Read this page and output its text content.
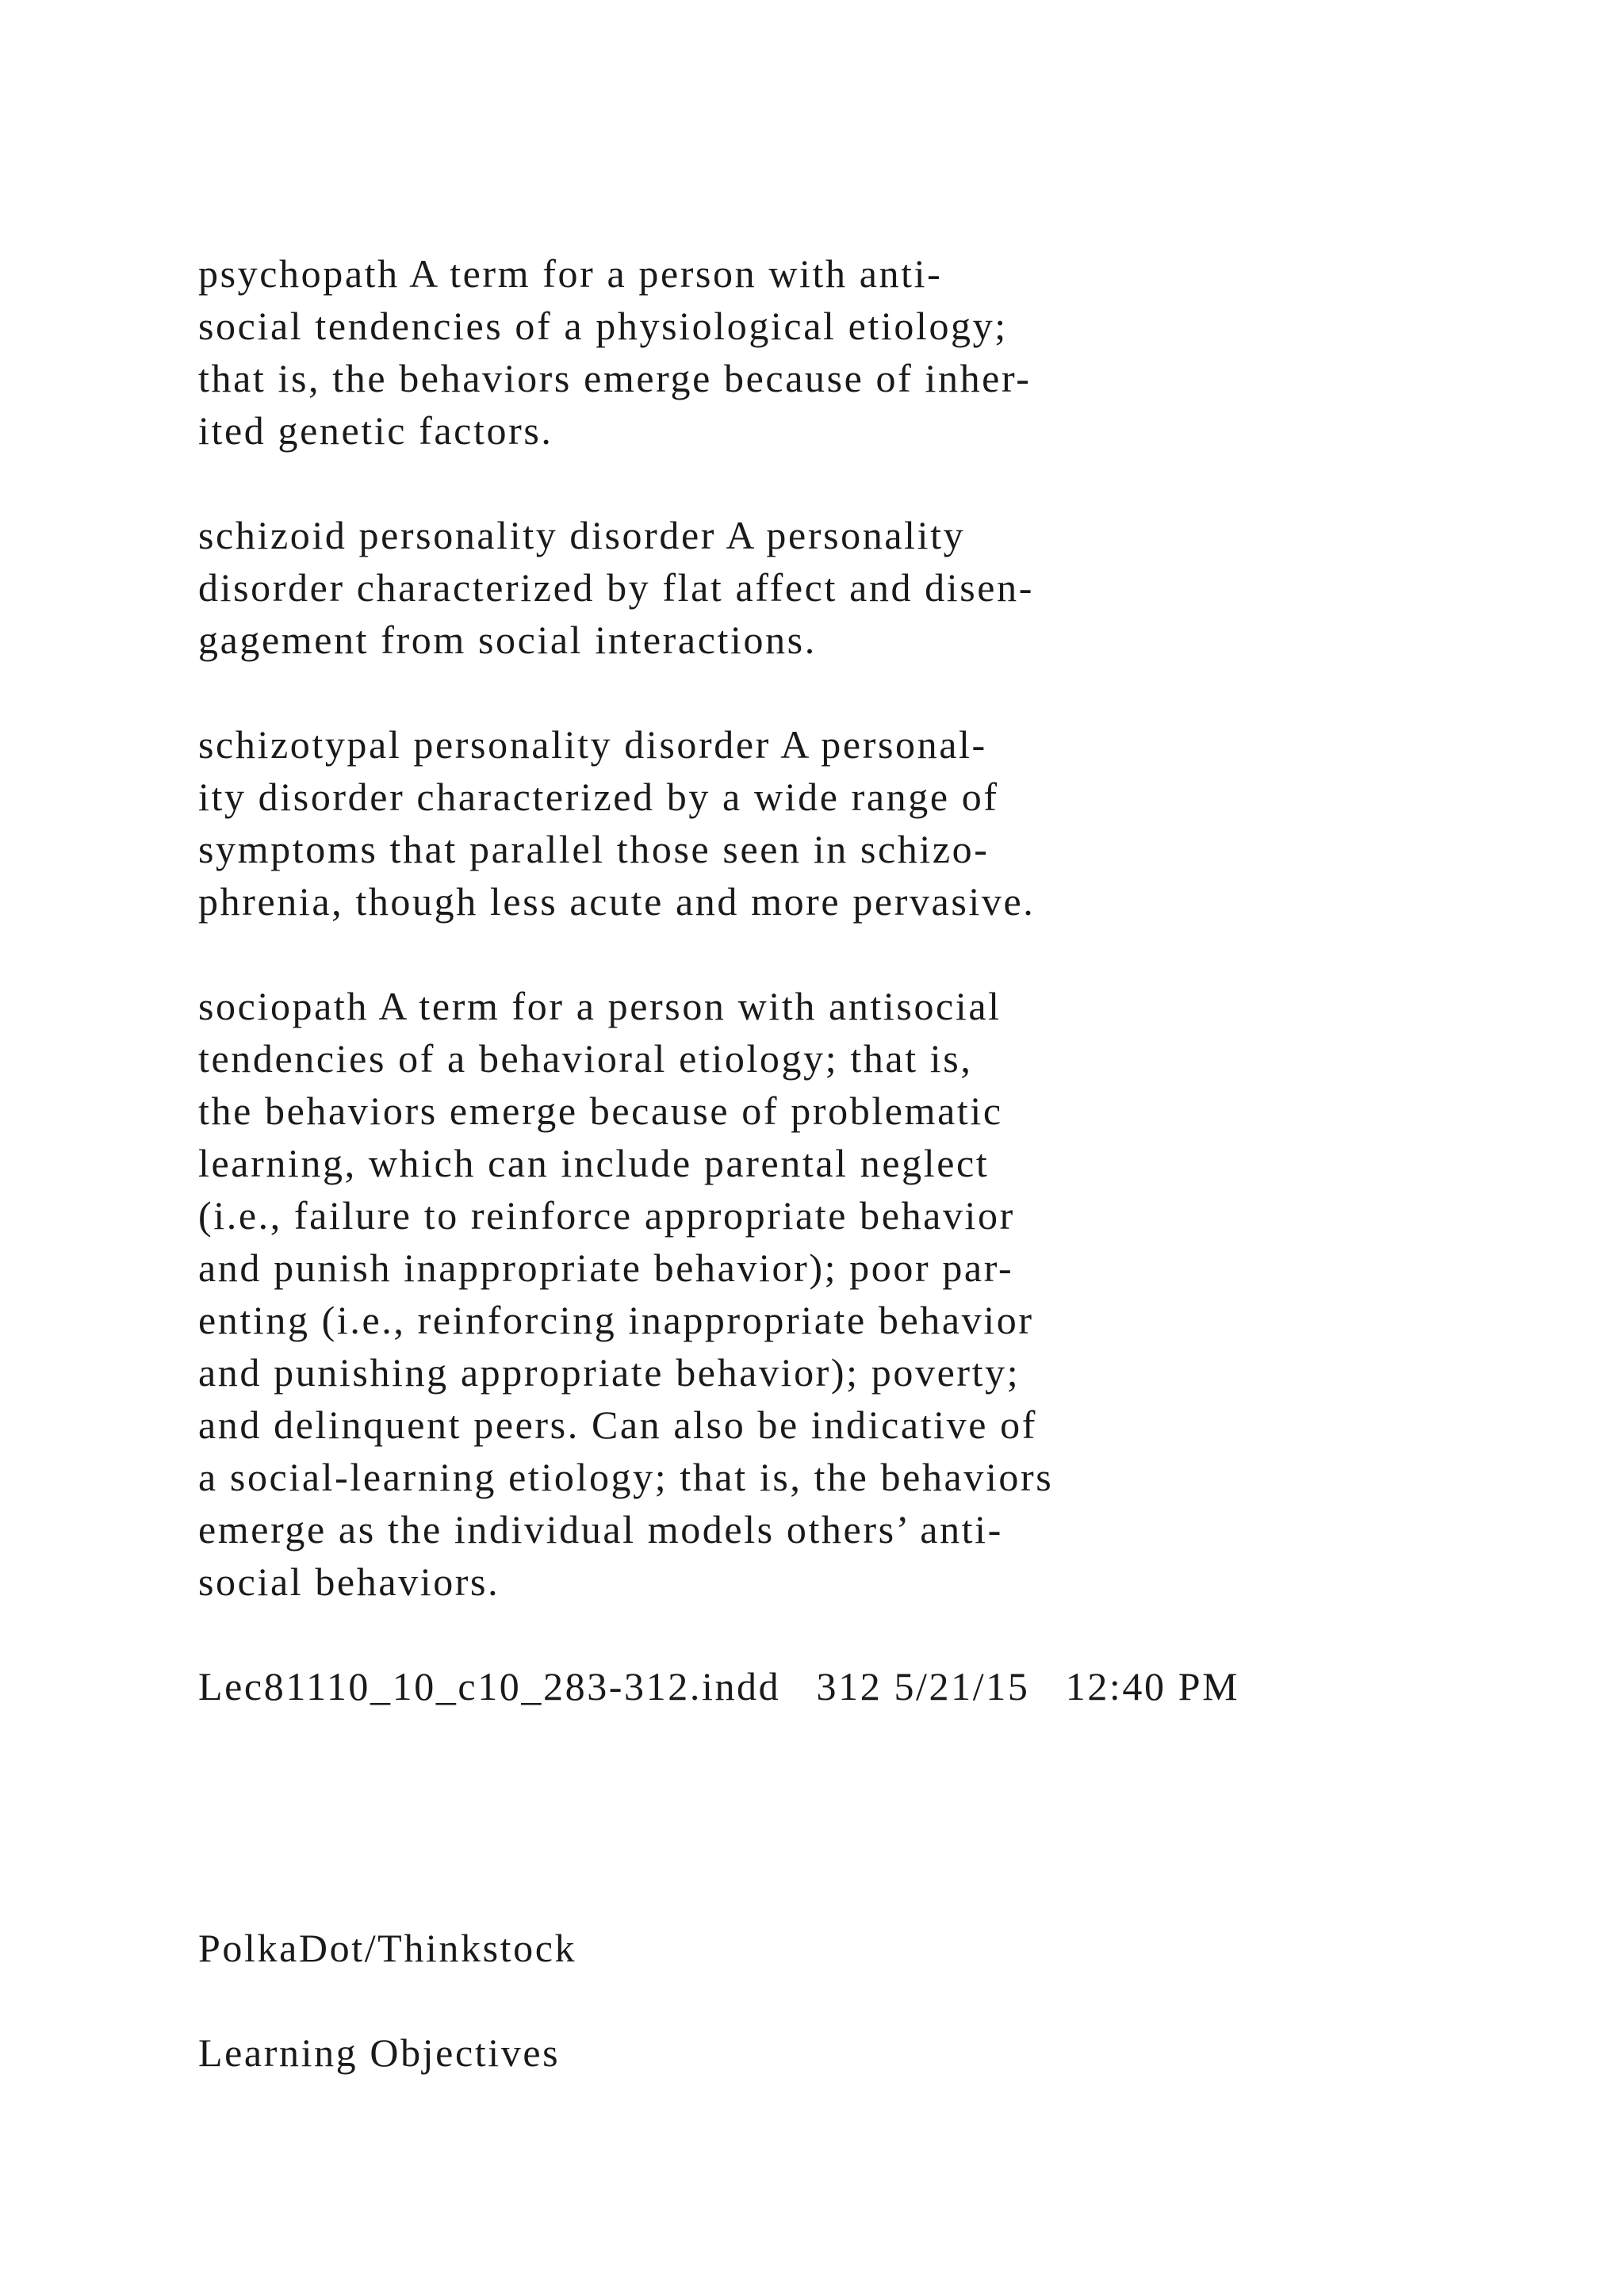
psychopath A term for a person with anti-
social tendencies of a physiological etiology;
that is, the behaviors emerge because of inher-
ited genetic factors.
schizoid personality disorder A personality
disorder characterized by flat affect and disen-
gagement from social interactions.
schizotypal personality disorder A personal-
ity disorder characterized by a wide range of
symptoms that parallel those seen in schizo-
phrenia, though less acute and more pervasive.
sociopath A term for a person with antisocial
tendencies of a behavioral etiology; that is,
the behaviors emerge because of problematic
learning, which can include parental neglect
(i.e., failure to reinforce appropriate behavior
and punish inappropriate behavior); poor par-
enting (i.e., reinforcing inappropriate behavior
and punishing appropriate behavior); poverty;
and delinquent peers. Can also be indicative of
a social-learning etiology; that is, the behaviors
emerge as the individual models others’ anti-
social behaviors.
Lec81110_10_c10_283-312.indd   312 5/21/15   12:40 PM
PolkaDot/Thinkstock
Learning Objectives
